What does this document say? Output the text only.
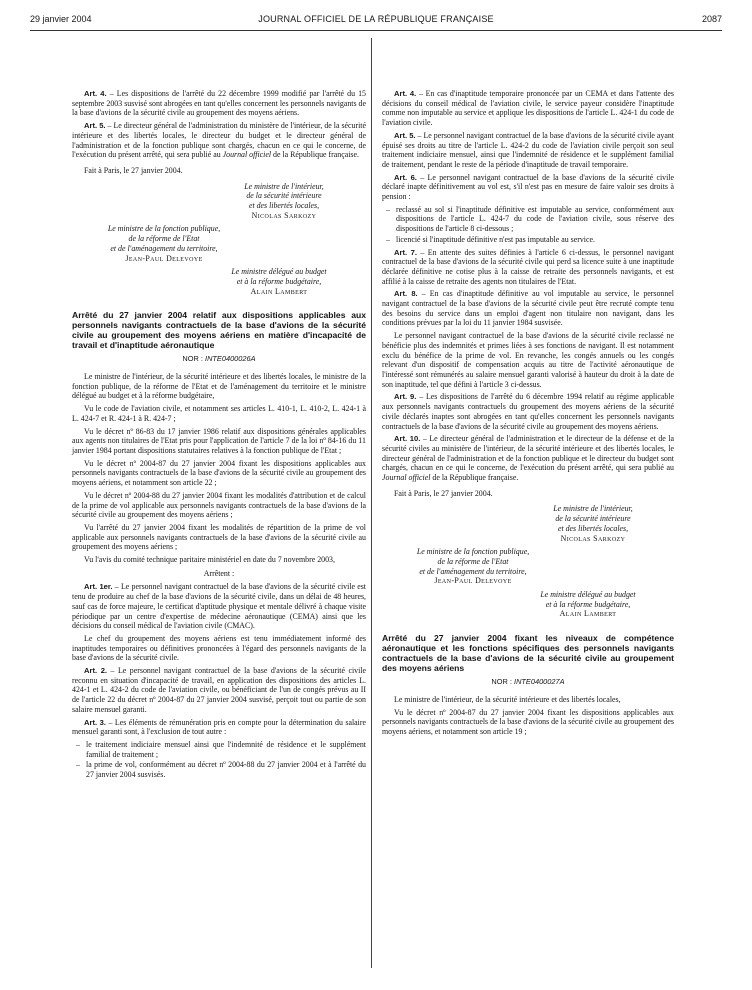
29 janvier 2004	JOURNAL OFFICIEL DE LA RÉPUBLIQUE FRANÇAISE	2087

Art. 4. – Les dispositions de l'arrêté du 22 décembre 1999 modifié par l'arrêté du 15 septembre 2003 susvisé sont abrogées en tant qu'elles concernent les personnels navigants de la base d'avions de la sécurité civile au groupement des moyens aériens.

Art. 5. – Le directeur général de l'administration du ministère de l'intérieur, de la sécurité intérieure et des libertés locales, le directeur du budget et le directeur général de l'administration et de la fonction publique sont chargés, chacun en ce qui le concerne, de l'exécution du présent arrêté, qui sera publié au Journal officiel de la République française.

Fait à Paris, le 27 janvier 2004.

Le ministre de l'intérieur,
de la sécurité intérieure
et des libertés locales,
Nicolas Sarkozy

Le ministre de la fonction publique,
de la réforme de l'Etat
et de l'aménagement du territoire,
Jean-Paul Delevoye

Le ministre délégué au budget
et à la réforme budgétaire,
Alain Lambert

Arrêté du 27 janvier 2004 relatif aux dispositions applicables aux personnels navigants contractuels de la base d'avions de la sécurité civile au groupement des moyens aériens en matière d'incapacité de travail et d'inaptitude aéronautique

NOR : INTE0400026A

Le ministre de l'intérieur, de la sécurité intérieure et des libertés locales, le ministre de la fonction publique, de la réforme de l'Etat et de l'aménagement du territoire et le ministre délégué au budget et à la réforme budgétaire,

Vu le code de l'aviation civile, et notamment ses articles L. 410-1, L. 410-2, L. 424-1 à L. 424-7 et R. 424-1 à R. 424-7 ;

Vu le décret nº 86-83 du 17 janvier 1986 relatif aux dispositions générales applicables aux agents non titulaires de l'Etat pris pour l'application de l'article 7 de la loi nº 84-16 du 11 janvier 1984 portant dispositions statutaires relatives à la fonction publique de l'Etat ;

Vu le décret nº 2004-87 du 27 janvier 2004 fixant les dispositions applicables aux personnels navigants contractuels de la base d'avions de la sécurité civile au groupement des moyens aériens, et notamment son article 22 ;

Vu le décret nº 2004-88 du 27 janvier 2004 fixant les modalités d'attribution et de calcul de la prime de vol applicable aux personnels navigants contractuels de la base d'avions de la sécurité civile au groupement des moyens aériens ;

Vu l'arrêté du 27 janvier 2004 fixant les modalités de répartition de la prime de vol applicable aux personnels navigants contractuels de la base d'avions de la sécurité civile au groupement des moyens aériens ;

Vu l'avis du comité technique paritaire ministériel en date du 7 novembre 2003,

Arrêtent :

Art. 1er. – Le personnel navigant contractuel de la base d'avions de la sécurité civile est tenu de produire au chef de la base d'avions de la sécurité civile, dans un délai de 48 heures, sauf cas de force majeure, le certificat d'aptitude physique et mentale délivré à chaque visite périodique par un centre d'expertise de médecine aéronautique (CEMA) ainsi que les décisions du conseil médical de l'aviation civile (CMAC).

Le chef du groupement des moyens aériens est tenu immédiatement informé des inaptitudes temporaires ou définitives prononcées à l'égard des personnels navigants de la base d'avions de la sécurité civile.

Art. 2. – Le personnel navigant contractuel de la base d'avions de la sécurité civile reconnu en situation d'incapacité de travail, en application des dispositions des articles L. 424-1 et L. 424-2 du code de l'aviation civile, ou bénéficiant de l'un de congés prévus au II de l'article 22 du décret nº 2004-87 du 27 janvier 2004 susvisé, perçoit tout ou partie de son salaire mensuel garanti.

Art. 3. – Les éléments de rémunération pris en compte pour la détermination du salaire mensuel garanti sont, à l'exclusion de tout autre :

– le traitement indiciaire mensuel ainsi que l'indemnité de résidence et le supplément familial de traitement ;
– la prime de vol, conformément au décret nº 2004-88 du 27 janvier 2004 et à l'arrêté du 27 janvier 2004 susvisés.

Art. 4. – En cas d'inaptitude temporaire prononcée par un CEMA et dans l'attente des décisions du conseil médical de l'aviation civile, le service payeur considère l'inaptitude comme non imputable au service et applique les dispositions de l'article L. 424-1 du code de l'aviation civile.

Art. 5. – Le personnel navigant contractuel de la base d'avions de la sécurité civile ayant épuisé ses droits au titre de l'article L. 424-2 du code de l'aviation civile perçoit son seul traitement indiciaire mensuel, ainsi que l'indemnité de résidence et le supplément familial de traitement, pendant le reste de la période d'inaptitude de travail temporaire.

Art. 6. – Le personnel navigant contractuel de la base d'avions de la sécurité civile déclaré inapte définitivement au vol est, s'il n'est pas en mesure de faire valoir ses droits à pension :

– reclassé au sol si l'inaptitude définitive est imputable au service, conformément aux dispositions de l'article L. 424-7 du code de l'aviation civile, sous réserve des dispositions de l'article 8 ci-dessous ;
– licencié si l'inaptitude définitive n'est pas imputable au service.

Art. 7. – En attente des suites définies à l'article 6 ci-dessus, le personnel navigant contractuel de la base d'avions de la sécurité civile qui perd sa licence suite à une inaptitude déclarée définitive ne cotise plus à la caisse de retraite des personnels navigants, et est affilié à la caisse de retraite des agents non titulaires de l'Etat.

Art. 8. – En cas d'inaptitude définitive au vol imputable au service, le personnel navigant contractuel de la base d'avions de la sécurité civile peut être recruté compte tenu des besoins du service dans un emploi d'agent non titulaire non navigant, dans les conditions prévues par la loi du 11 janvier 1984 susvisée.

Le personnel navigant contractuel de la base d'avions de la sécurité civile reclassé ne bénéficie plus des indemnités et primes liées à ses fonctions de navigant. Il est notamment exclu du bénéfice de la prime de vol. En revanche, les congés annuels ou les congés relevant d'un dispositif de compensation acquis au titre de l'activité aéronautique de l'intéressé sont rémunérés au salaire mensuel garanti valorisé à hauteur du droit à la date de son inaptitude, tel que défini à l'article 3 ci-dessus.

Art. 9. – Les dispositions de l'arrêté du 6 décembre 1994 relatif au régime applicable aux personnels navigants contractuels du groupement des moyens aériens de la sécurité civile déclarés inaptes sont abrogées en tant qu'elles concernent les personnels navigants contractuels de la base d'avions de la sécurité civile au groupement des moyens aériens.

Art. 10. – Le directeur général de l'administration et le directeur de la défense et de la sécurité civiles au ministère de l'intérieur, de la sécurité intérieure et des libertés locales, le directeur général de l'administration et de la fonction publique et le directeur du budget sont chargés, chacun en ce qui le concerne, de l'exécution du présent arrêté, qui sera publié au Journal officiel de la République française.

Fait à Paris, le 27 janvier 2004.

Le ministre de l'intérieur,
de la sécurité intérieure
et des libertés locales,
Nicolas Sarkozy

Le ministre de la fonction publique,
de la réforme de l'Etat
et de l'aménagement du territoire,
Jean-Paul Delevoye

Le ministre délégué au budget
et à la réforme budgétaire,
Alain Lambert

Arrêté du 27 janvier 2004 fixant les niveaux de compétence aéronautique et les fonctions spécifiques des personnels navigants contractuels de la base d'avions de la sécurité civile au groupement des moyens aériens

NOR : INTE0400027A

Le ministre de l'intérieur, de la sécurité intérieure et des libertés locales,

Vu le décret nº 2004-87 du 27 janvier 2004 fixant les dispositions applicables aux personnels navigants contractuels de la base d'avions de la sécurité civile au groupement des moyens aériens, et notamment son article 19 ;
